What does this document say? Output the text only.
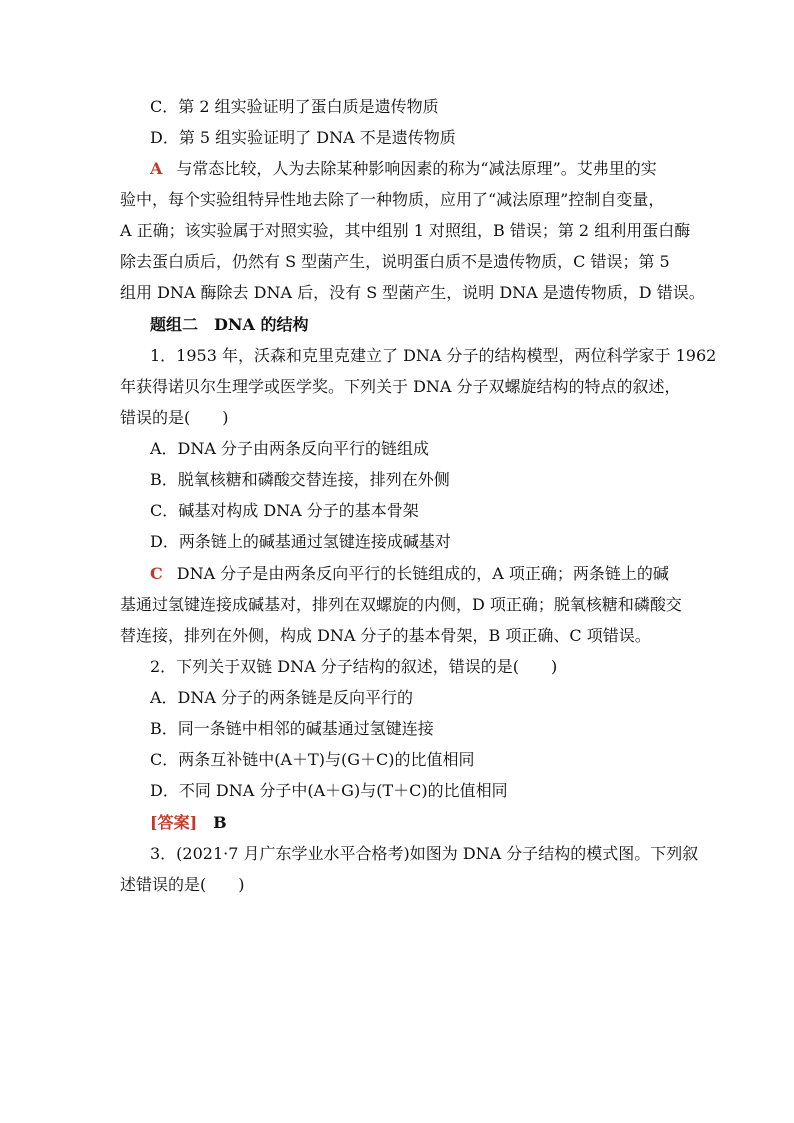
C．第 2 组实验证明了蛋白质是遗传物质
D．第 5 组实验证明了 DNA 不是遗传物质
A 与常态比较，人为去除某种影响因素的称为“减法原理”。艾弗里的实
验中，每个实验组特异性地去除了一种物质，应用了“减法原理”控制自变量，
A 正确；该实验属于对照实验，其中组别 1 对照组，B 错误；第 2 组利用蛋白酶
除去蛋白质后，仍然有 S 型菌产生，说明蛋白质不是遗传物质，C 错误；第 5
组用 DNA 酶除去 DNA 后，没有 S 型菌产生，说明 DNA 是遗传物质，D 错误。
题组二　DNA 的结构
1．1953 年，沃森和克里克建立了 DNA 分子的结构模型，两位科学家于 1962
年获得诺贝尔生理学或医学奖。下列关于 DNA 分子双螺旋结构的特点的叙述，
错误的是(　　)
A．DNA 分子由两条反向平行的链组成
B．脱氧核糖和磷酸交替连接，排列在外侧
C．碱基对构成 DNA 分子的基本骨架
D．两条链上的碱基通过氢键连接成碱基对
C DNA 分子是由两条反向平行的长链组成的，A 项正确；两条链上的碱
基通过氢键连接成碱基对，排列在双螺旋的内侧，D 项正确；脱氧核糖和磷酸交
替连接，排列在外侧，构成 DNA 分子的基本骨架，B 项正确、C 项错误。
2．下列关于双链 DNA 分子结构的叙述，错误的是(　　)
A．DNA 分子的两条链是反向平行的
B．同一条链中相邻的碱基通过氢键连接
C．两条互补链中(A＋T)与(G＋C)的比值相同
D．不同 DNA 分子中(A＋G)与(T＋C)的比值相同
[答案] B
3．(2021·7 月广东学业水平合格考)如图为 DNA 分子结构的模式图。下列叙
述错误的是(　　)
